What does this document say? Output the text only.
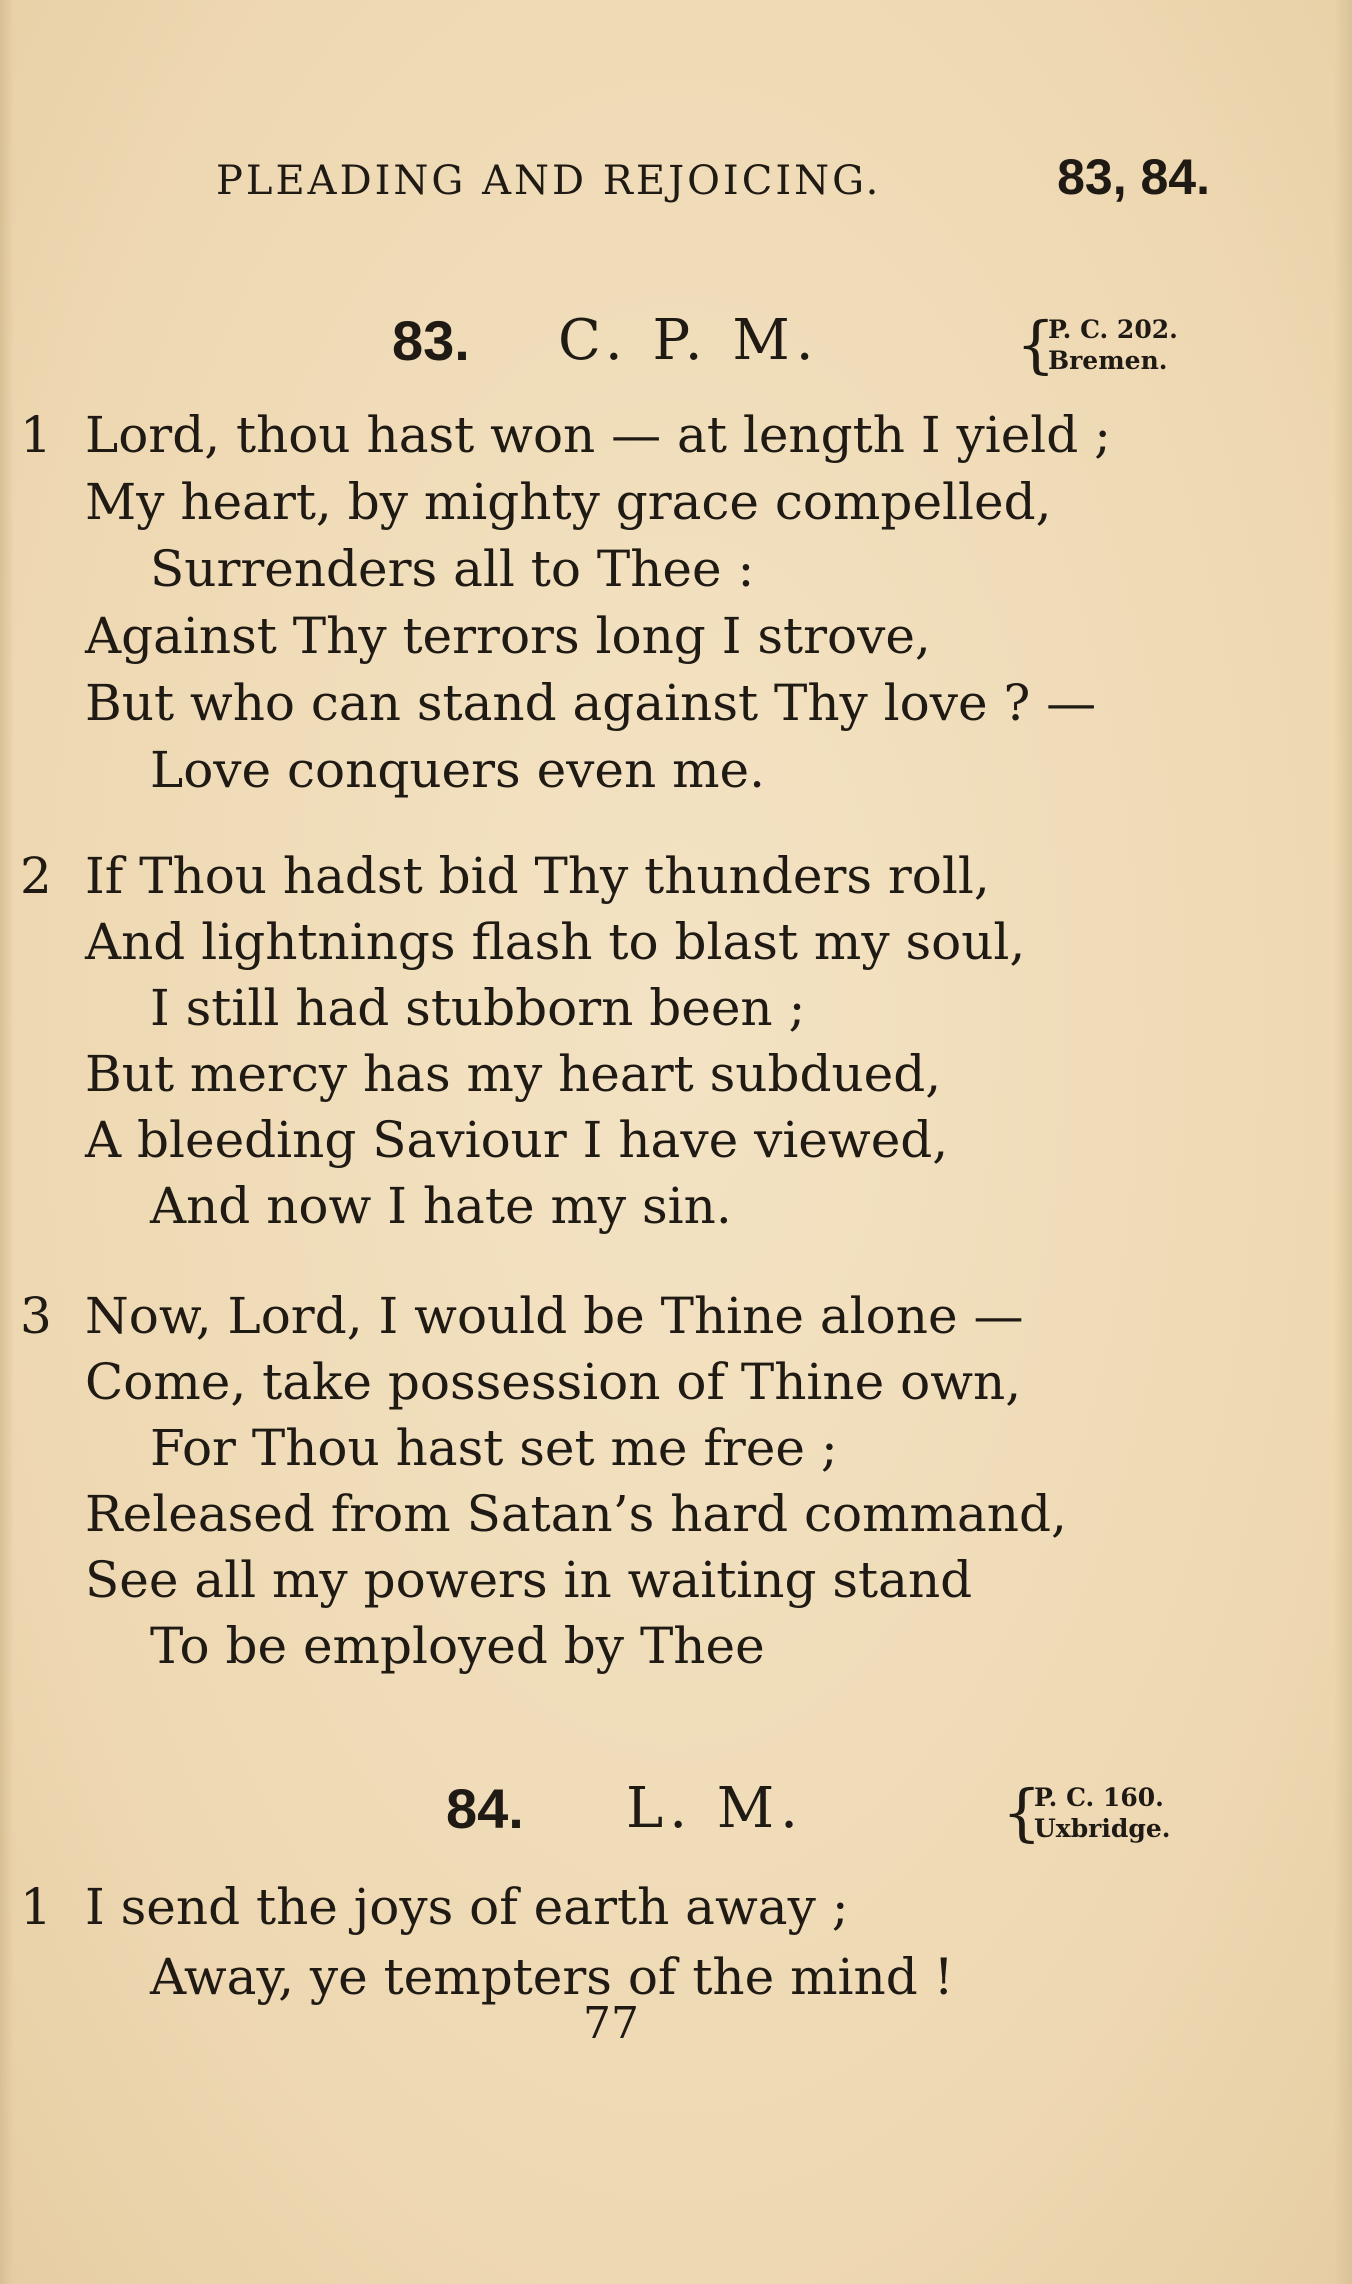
PLEADING AND REJOICING.	83, 84.
83. C. P. M.	{
P. C. 202.
Bremen.
1 Lord, thou hast won — at length I yield ;
My heart, by mighty grace compelled,
Surrenders all to Thee :
Against Thy terrors long I strove,
But who can stand against Thy love ? —
Love conquers even me.
2 If Thou hadst bid Thy thunders roll,
And lightnings flash to blast my soul,
I still had stubborn been ;
But mercy has my heart subdued,
A bleeding Saviour I have viewed,
And now I hate my sin.
3 Now, Lord, I would be Thine alone —
Come, take possession of Thine own,
For Thou hast set me free ;
Released from Satan’s hard command,
See all my powers in waiting stand
To be employed by Thee
84. L. M.	{
P. C. 160.
Uxbridge.
1 I send the joys of earth away ;
Away, ye tempters of the mind !
77
